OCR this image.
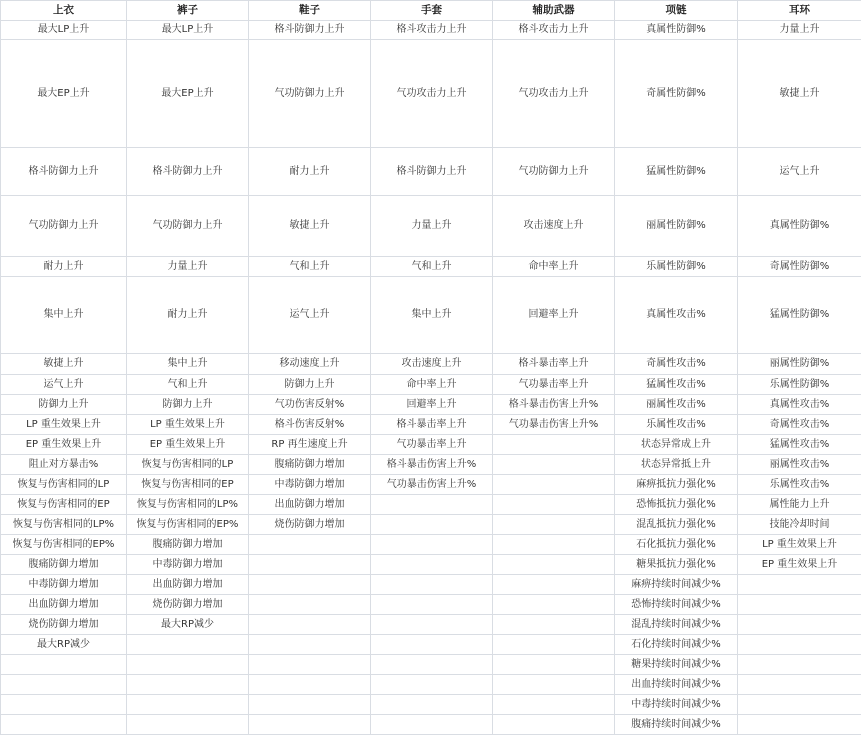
上衣	裤子	鞋子	手套	辅助武器	项链	耳环
最大LP上升	最大LP上升	格斗防御力上升	格斗攻击力上升	格斗攻击力上升	真属性防御%	力量上升
最大EP上升	最大EP上升	气功防御力上升	气功攻击力上升	气功攻击力上升	奇属性防御%	敏捷上升
格斗防御力上升	格斗防御力上升	耐力上升	格斗防御力上升	气功防御力上升	猛属性防御%	运气上升
气功防御力上升	气功防御力上升	敏捷上升	力量上升	攻击速度上升	丽属性防御%	真属性防御%
耐力上升	力量上升	气和上升	气和上升	命中率上升	乐属性防御%	奇属性防御%
集中上升	耐力上升	运气上升	集中上升	回避率上升	真属性攻击%	猛属性防御%
敏捷上升	集中上升	移动速度上升	攻击速度上升	格斗暴击率上升	奇属性攻击%	丽属性防御%
运气上升	气和上升	防御力上升	命中率上升	气功暴击率上升	猛属性攻击%	乐属性防御%
防御力上升	防御力上升	气功伤害反射%	回避率上升	格斗暴击伤害上升%	丽属性攻击%	真属性攻击%
LP 重生效果上升	LP 重生效果上升	格斗伤害反射%	格斗暴击率上升	气功暴击伤害上升%	乐属性攻击%	奇属性攻击%
EP 重生效果上升	EP 重生效果上升	RP 再生速度上升	气功暴击率上升		状态异常成上升	猛属性攻击%
阻止对方暴击%	恢复与伤害相同的LP	腹痛防御力增加	格斗暴击伤害上升%		状态异常抵上升	丽属性攻击%
恢复与伤害相同的LP	恢复与伤害相同的EP	中毒防御力增加	气功暴击伤害上升%		麻痹抵抗力强化%	乐属性攻击%
恢复与伤害相同的EP	恢复与伤害相同的LP%	出血防御力增加			恐怖抵抗力强化%	属性能力上升
恢复与伤害相同的LP%	恢复与伤害相同的EP%	烧伤防御力增加			混乱抵抗力强化%	技能冷却时间
恢复与伤害相同的EP%	腹痛防御力增加				石化抵抗力强化%	LP 重生效果上升
腹痛防御力增加	中毒防御力增加				糖果抵抗力强化%	EP 重生效果上升
中毒防御力增加	出血防御力增加				麻痹持续时间减少%	
出血防御力增加	烧伤防御力增加				恐怖持续时间减少%	
烧伤防御力增加	最大RP减少				混乱持续时间减少%	
最大RP减少					石化持续时间减少%	
					糖果持续时间减少%	
					出血持续时间减少%	
					中毒持续时间减少%	
					腹痛持续时间减少%	
